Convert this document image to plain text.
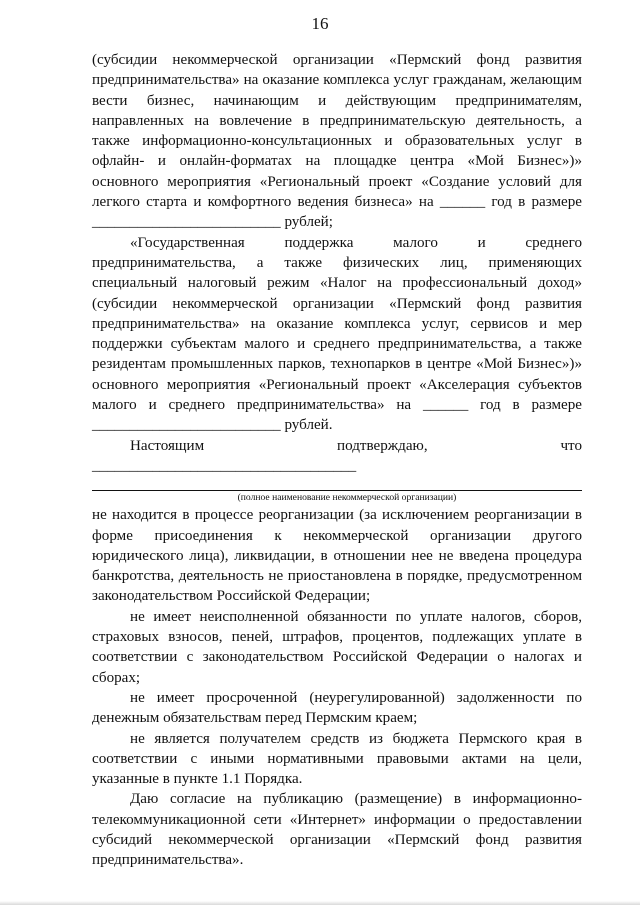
16

(субсидии некоммерческой организации «Пермский фонд развития предпринимательства» на оказание комплекса услуг гражданам, желающим вести бизнес, начинающим и действующим предпринимателям, направленных на вовлечение в предпринимательскую деятельность, а также информационно-консультационных и образовательных услуг в офлайн- и онлайн-форматах на площадке центра «Мой Бизнес»)» основного мероприятия «Региональный проект «Создание условий для легкого старта и комфортного ведения бизнеса» на ______ год в размере _________________________ рублей;

«Государственная поддержка малого и среднего предпринимательства, а также физических лиц, применяющих специальный налоговый режим «Налог на профессиональный доход» (субсидии некоммерческой организации «Пермский фонд развития предпринимательства» на оказание комплекса услуг, сервисов и мер поддержки субъектам малого и среднего предпринимательства, а также резидентам промышленных парков, технопарков в центре «Мой Бизнес»)» основного мероприятия «Региональный проект «Акселерация субъектов малого и среднего предпринимательства» на ______ год в размере _________________________ рублей.

Настоящим подтверждаю, что ___________________________________

(полное наименование некоммерческой организации)

не находится в процессе реорганизации (за исключением реорганизации в форме присоединения к некоммерческой организации другого юридического лица), ликвидации, в отношении нее не введена процедура банкротства, деятельность не приостановлена в порядке, предусмотренном законодательством Российской Федерации;

не имеет неисполненной обязанности по уплате налогов, сборов, страховых взносов, пеней, штрафов, процентов, подлежащих уплате в соответствии с законодательством Российской Федерации о налогах и сборах;

не имеет просроченной (неурегулированной) задолженности по денежным обязательствам перед Пермским краем;

не является получателем средств из бюджета Пермского края в соответствии с иными нормативными правовыми актами на цели, указанные в пункте 1.1 Порядка.

Даю согласие на публикацию (размещение) в информационно-телекоммуникационной сети «Интернет» информации о предоставлении субсидий некоммерческой организации «Пермский фонд развития предпринимательства».
